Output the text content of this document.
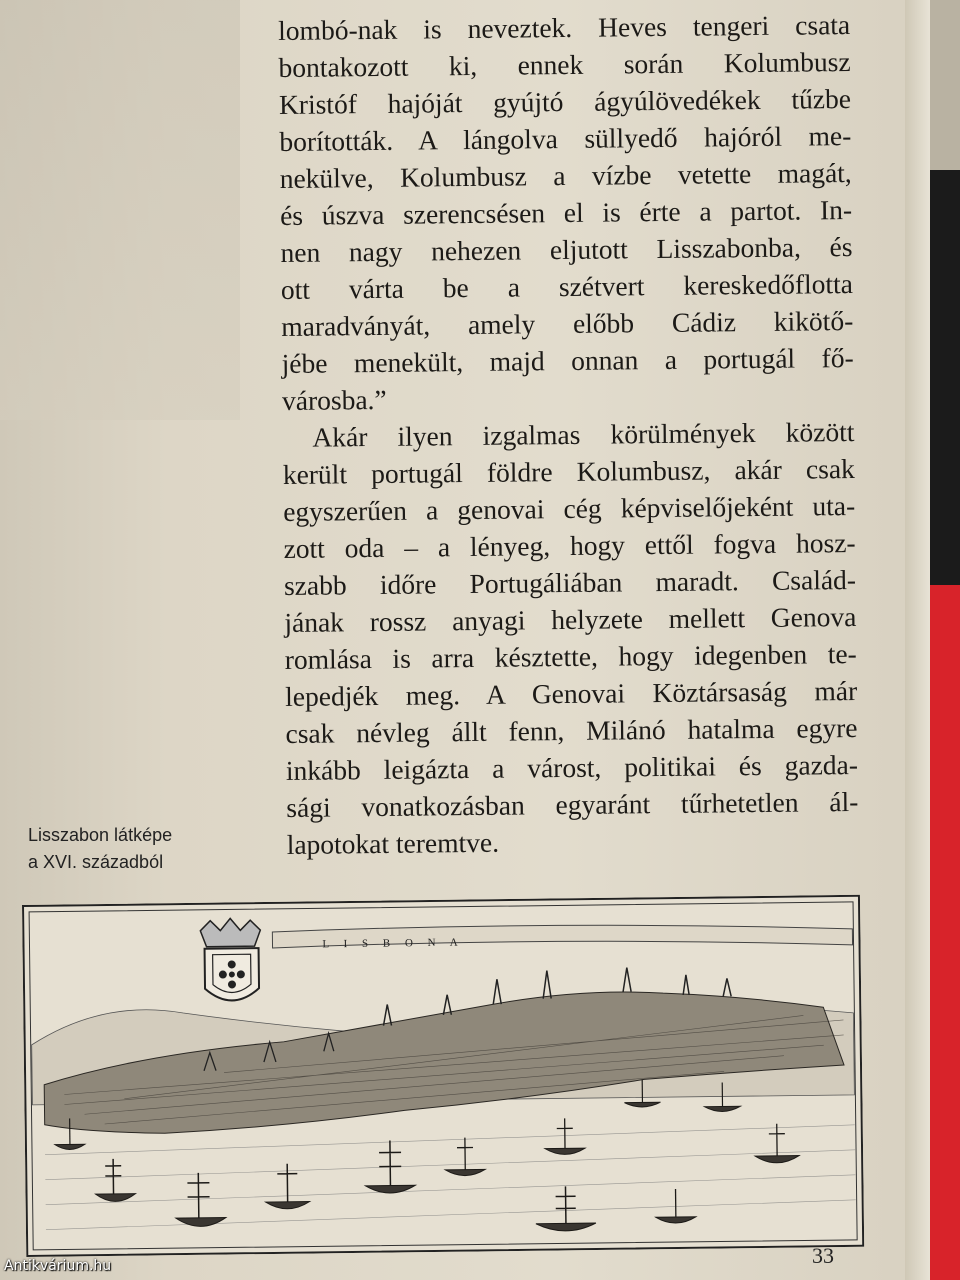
lombó-nak is neveztek. Heves tengeri csata
bontakozott ki, ennek során Kolumbusz
Kristóf hajóját gyújtó ágyúlövedékek tűzbe
borították. A lángolva süllyedő hajóról me-
nekülve, Kolumbusz a vízbe vetette magát,
és úszva szerencsésen el is érte a partot. In-
nen nagy nehezen eljutott Lisszabonba, és
ott várta be a szétvert kereskedőflotta
maradványát, amely előbb Cádiz kikötő-
jébe menekült, majd onnan a portugál fő-
városba.”

Akár ilyen izgalmas körülmények között
került portugál földre Kolumbusz, akár csak
egyszerűen a genovai cég képviselőjeként uta-
zott oda – a lényeg, hogy ettől fogva hosz-
szabb időre Portugáliában maradt. Család-
jának rossz anyagi helyzete mellett Genova
romlása is arra késztette, hogy idegenben te-
lepedjék meg. A Genovai Köztársaság már
csak névleg állt fenn, Milánó hatalma egyre
inkább leigázta a várost, politikai és gazda-
sági vonatkozásban egyaránt tűrhetetlen ál-
lapotokat teremtve.

Lisszabon látképe
a XVI. századból
L I S B O N A
33
Antikvárium.hu
